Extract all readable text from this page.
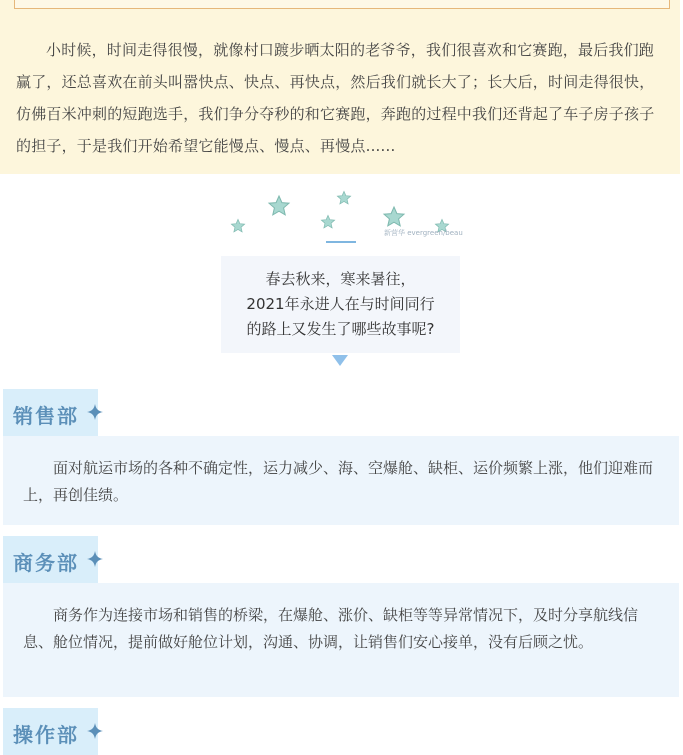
小时候，时间走得很慢，就像村口踱步晒太阳的老爷爷，我们很喜欢和它赛跑，最后我们跑赢了，还总喜欢在前头叫嚣快点、快点、再快点，然后我们就长大了；长大后，时间走得很快，仿佛百米冲刺的短跑选手，我们争分夺秒的和它赛跑，奔跑的过程中我们还背起了车子房子孩子的担子，于是我们开始希望它能慢点、慢点、再慢点......

新营华 evergreen/beau
春去秋来，寒来暑往，
2021年永进人在与时间同行
的路上又发生了哪些故事呢?
销售部

面对航运市场的各种不确定性，运力减少、海、空爆舱、缺柜、运价频繁上涨，他们迎难而上，再创佳绩。

商务部

商务作为连接市场和销售的桥梁，在爆舱、涨价、缺柜等等异常情况下，及时分享航线信息、舱位情况，提前做好舱位计划，沟通、协调，让销售们安心接单，没有后顾之忧。

操作部
